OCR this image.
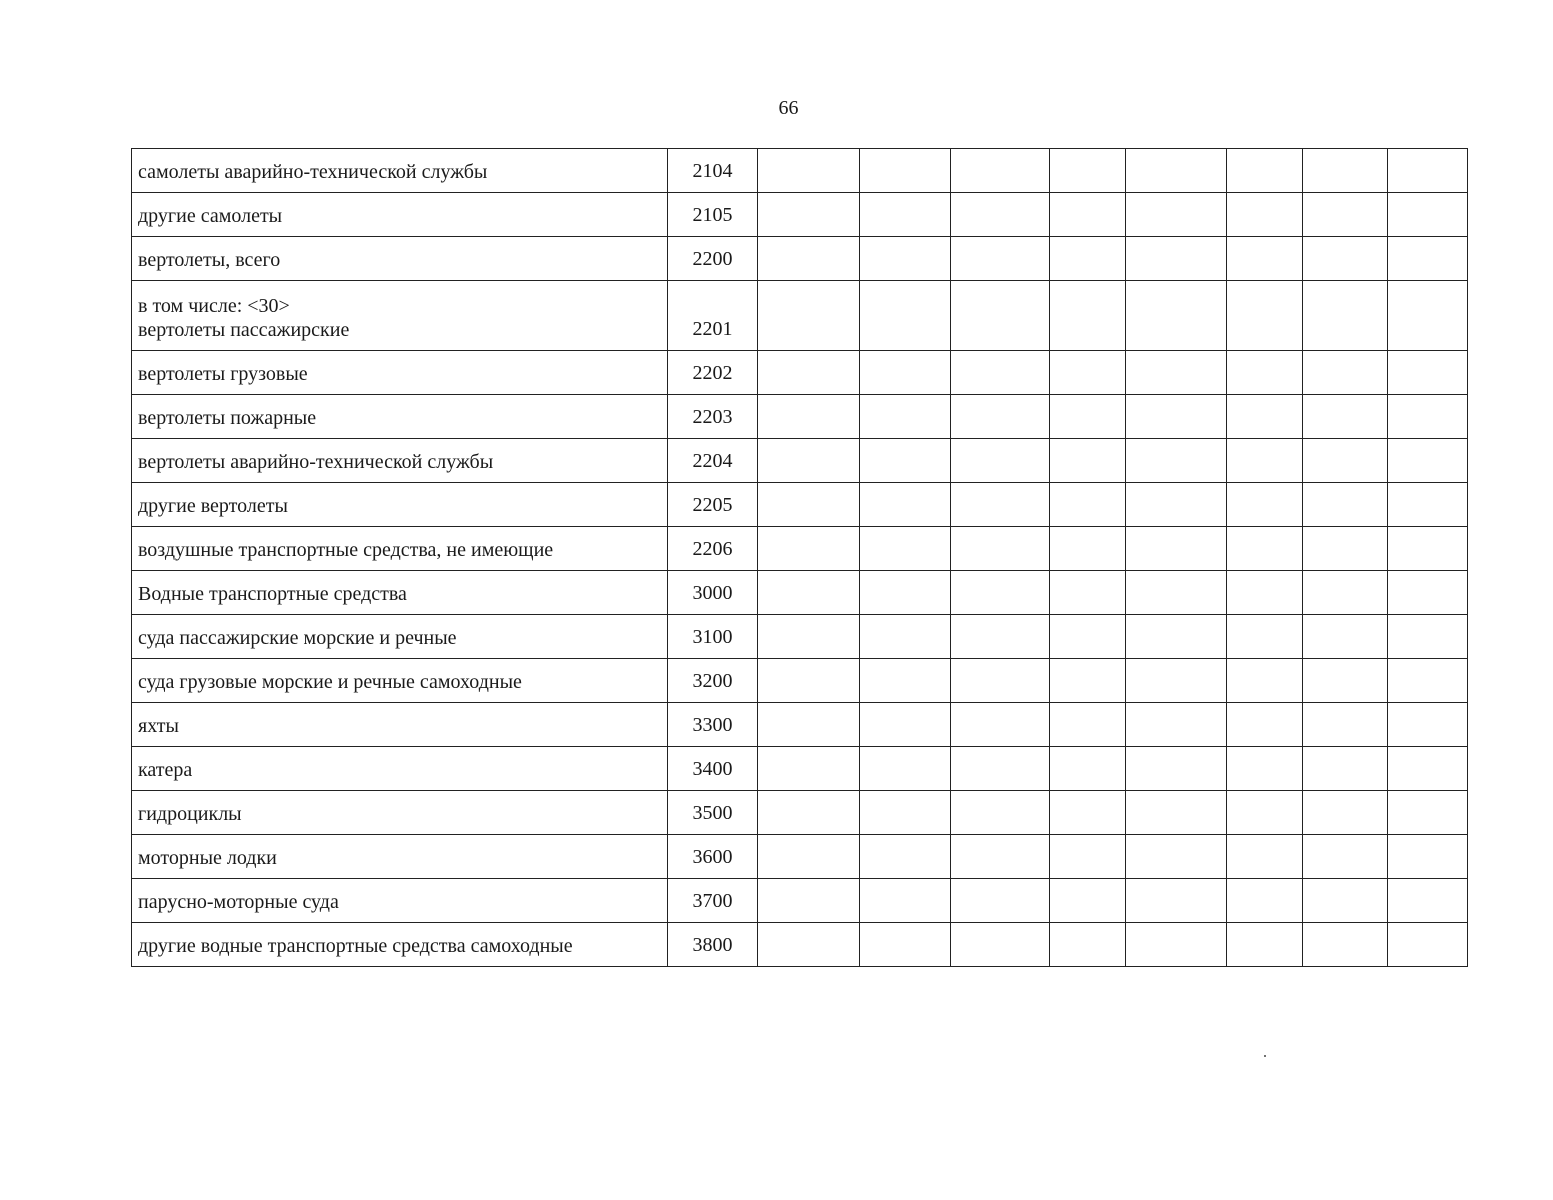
66
самолеты аварийно-технической службы	2104								

другие самолеты	2105								

вертолеты, всего	2200								

в том числе: <30>
вертолеты пассажирские	2201								

вертолеты грузовые	2202								

вертолеты пожарные	2203								

вертолеты аварийно-технической службы	2204								

другие вертолеты	2205								

воздушные транспортные средства, не имеющие	2206								

Водные транспортные средства	3000								

суда пассажирские морские и речные	3100								

суда грузовые морские и речные самоходные	3200								

яхты	3300								

катера	3400								

гидроциклы	3500								

моторные лодки	3600								

парусно-моторные суда	3700								

другие водные транспортные средства самоходные	3800								
